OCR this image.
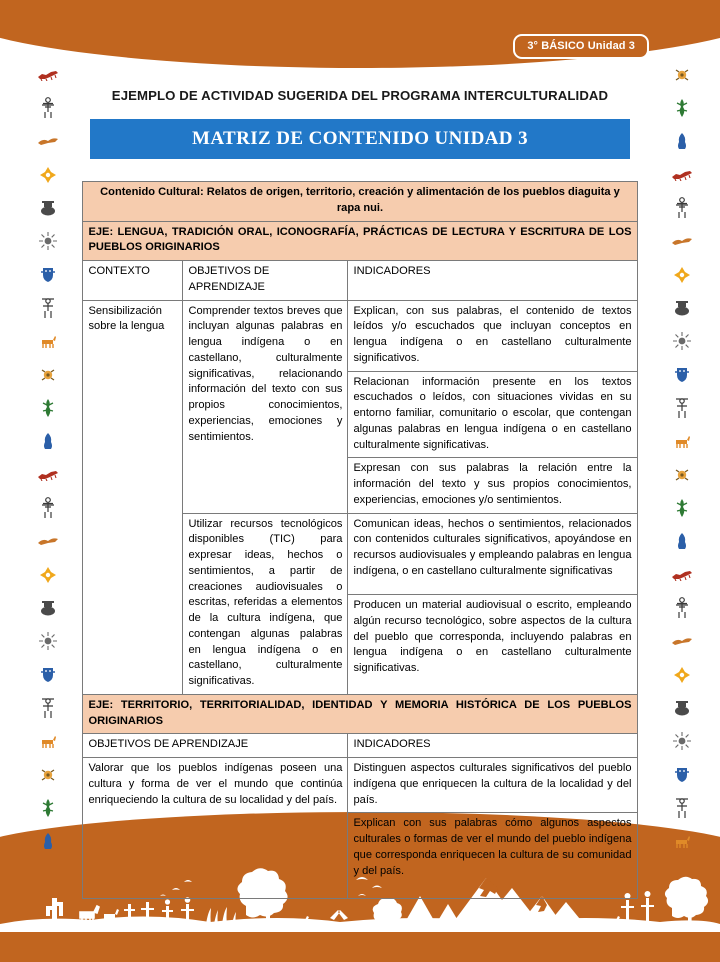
3° BÁSICO Unidad 3
EJEMPLO DE ACTIVIDAD SUGERIDA DEL PROGRAMA INTERCULTURALIDAD
MATRIZ DE CONTENIDO UNIDAD 3
Contenido Cultural: Relatos de origen, territorio, creación y alimentación de los pueblos diaguita y rapa nui.		
EJE: LENGUA, TRADICIÓN ORAL, ICONOGRAFÍA, PRÁCTICAS DE LECTURA Y ESCRITURA DE LOS PUEBLOS ORIGINARIOS		
CONTEXTO	OBJETIVOS DE APRENDIZAJE	INDICADORES
Sensibilización sobre la lengua	Comprender textos breves que incluyan algunas palabras en lengua indígena o en castellano, culturalmente significativas, relacionando información del texto con sus propios conocimientos, experiencias, emociones y sentimientos.	Explican, con sus palabras, el contenido de textos leídos y/o escuchados que incluyan conceptos en lengua indígena o en castellano culturalmente significativos.
		Relacionan información presente en los textos escuchados o leídos, con situaciones vividas en su entorno familiar, comunitario o escolar, que contengan algunas palabras en lengua indígena o en castellano culturalmente significativas.
		Expresan con sus palabras la relación entre la información del texto y sus propios conocimientos, experiencias, emociones y/o sentimientos.
Utilizar recursos tecnológicos disponibles (TIC) para expresar ideas, hechos o sentimientos, a partir de creaciones audiovisuales o escritas, referidas a elementos de la cultura indígena, que contengan algunas palabras en lengua indígena o en castellano, culturalmente significativas.	Comunican ideas, hechos o sentimientos, relacionados con contenidos culturales significativos, apoyándose en recursos audiovisuales y empleando palabras en lengua indígena, o en castellano culturalmente significativas
		Producen un material audiovisual o escrito, empleando algún recurso tecnológico, sobre aspectos de la cultura del pueblo que corresponda, incluyendo palabras en lengua indígena o en castellano culturalmente significativas.
EJE: TERRITORIO, TERRITORIALIDAD, IDENTIDAD Y MEMORIA HISTÓRICA DE LOS PUEBLOS ORIGINARIOS		
OBJETIVOS DE APRENDIZAJE		INDICADORES
Valorar que los pueblos indígenas poseen una cultura y forma de ver el mundo que continúa enriqueciendo la cultura de su localidad y del país.		Distinguen aspectos culturales significativos del pueblo indígena que enriquecen la cultura de la localidad y del país.
		Explican con sus palabras cómo algunos aspectos culturales o formas de ver el mundo del pueblo indígena que corresponda enriquecen la cultura de su comunidad y del país.
